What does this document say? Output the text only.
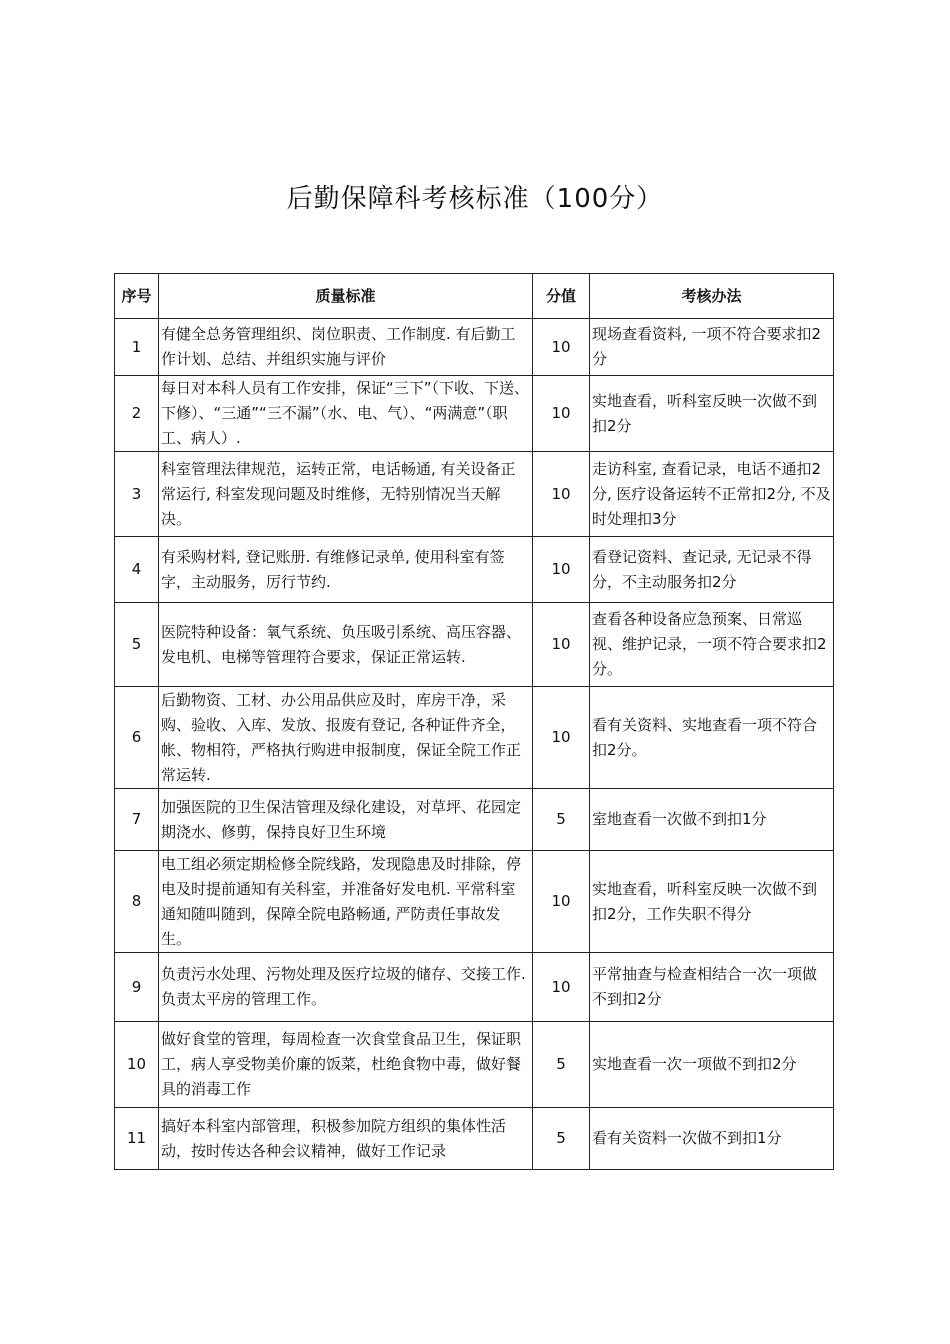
后勤保障科考核标准（100分）
序号	质量标准	分值	考核办法
1	有健全总务管理组织、岗位职责、工作制度. 有后勤工作计划、总结、并组织实施与评价	10	现场查看资料, 一项不符合要求扣2分
2	每日对本科人员有工作安排，保证“三下”（下收、下送、下修）、“三通”“三不漏”（水、电、气）、“两满意”（职工、病人）.	10	实地查看，听科室反映一次做不到扣2分
3	科室管理法律规范，运转正常，电话畅通, 有关设备正常运行, 科室发现问题及时维修，无特别情况当天解决。	10	走访科室, 查看记录，电话不通扣2分, 医疗设备运转不正常扣2分, 不及时处理扣3分
4	有采购材料, 登记账册. 有维修记录单, 使用科室有签字，主动服务，厉行节约.	10	看登记资料、查记录, 无记录不得分，不主动服务扣2分
5	医院特种设备：氧气系统、负压吸引系统、高压容器、发电机、电梯等管理符合要求，保证正常运转.	10	查看各种设备应急预案、日常巡视、维护记录，一项不符合要求扣2分。
6	后勤物资、工材、办公用品供应及时，库房干净，采购、验收、入库、发放、报废有登记, 各种证件齐全，帐、物相符，严格执行购进申报制度，保证全院工作正常运转.	10	看有关资料、实地查看一项不符合扣2分。
7	加强医院的卫生保洁管理及绿化建设，对草坪、花园定期浇水、修剪，保持良好卫生环境	5	室地查看一次做不到扣1分
8	电工组必须定期检修全院线路，发现隐患及时排除，停电及时提前通知有关科室，并准备好发电机. 平常科室通知随叫随到，保障全院电路畅通, 严防责任事故发生。	10	实地查看，听科室反映一次做不到扣2分，工作失职不得分
9	负责污水处理、污物处理及医疗垃圾的储存、交接工作. 负责太平房的管理工作。	10	平常抽查与检查相结合一次一项做不到扣2分
10	做好食堂的管理，每周检查一次食堂食品卫生，保证职工，病人享受物美价廉的饭菜，杜绝食物中毒，做好餐具的消毒工作	5	实地查看一次一项做不到扣2分
11	搞好本科室内部管理，积极参加院方组织的集体性活动，按时传达各种会议精神，做好工作记录	5	看有关资料一次做不到扣1分
